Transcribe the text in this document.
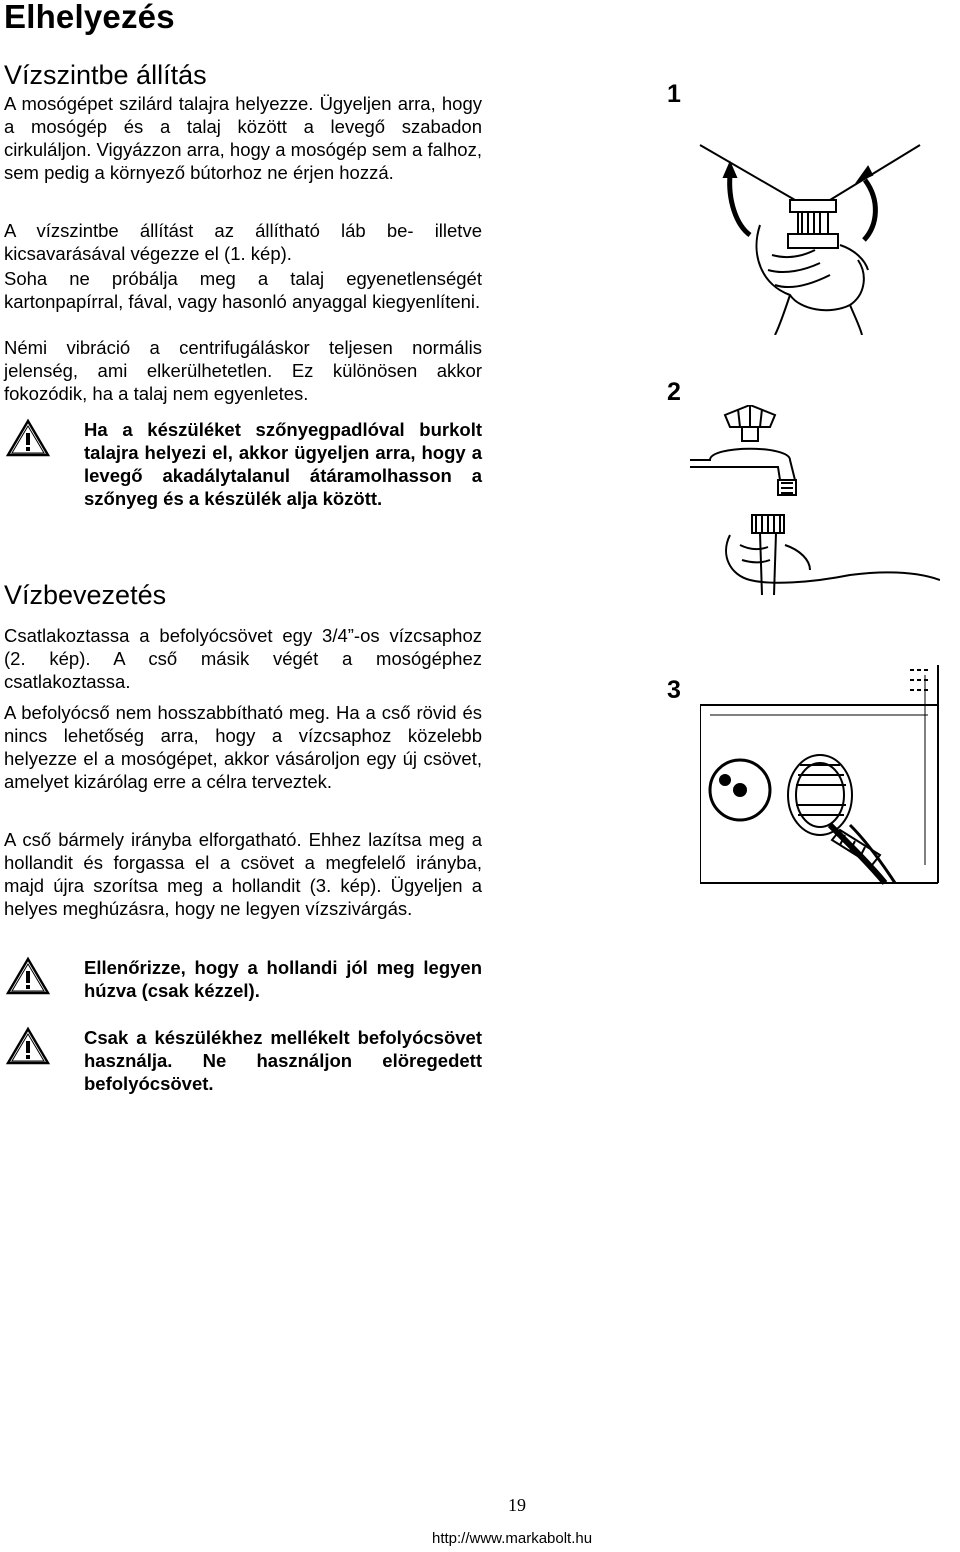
Elhelyezés
Vízszintbe állítás

A mosógépet szilárd talajra helyezze. Ügyeljen arra, hogy a mosógép és a talaj között a levegő szabadon cirkuláljon. Vigyázzon arra, hogy a mosógép sem a falhoz, sem pedig a környező bútorhoz ne érjen hozzá.

A vízszintbe állítást az állítható láb be- illetve kicsavarásával végezze el (1. kép).

Soha ne próbálja meg a talaj egyenetlenségét kartonpapírral, fával, vagy hasonló anyaggal kiegyenlíteni.

Némi vibráció a centrifugáláskor teljesen normális jelenség, ami elkerülhetetlen. Ez különösen akkor fokozódik, ha a talaj nem egyenletes.

Ha a készüléket szőnyegpadlóval burkolt talajra helyezi el, akkor ügyeljen arra, hogy a levegő akadálytalanul átáramolhasson a szőnyeg és a készülék alja között.

Vízbevezetés

Csatlakoztassa a befolyócsövet egy 3/4”-os vízcsaphoz (2. kép). A cső másik végét a mosógéphez csatlakoztassa.

A befolyócső nem hosszabbítható meg. Ha a cső rövid és nincs lehetőség arra, hogy a vízcsaphoz közelebb helyezze el a mosógépet, akkor vásároljon egy új csövet, amelyet kizárólag erre a célra terveztek.

A cső bármely irányba elforgatható. Ehhez lazítsa meg a hollandit és forgassa el a csövet a megfelelő irányba, majd újra szorítsa meg a hollandit (3. kép). Ügyeljen a helyes meghúzásra, hogy ne legyen vízszivárgás.

Ellenőrizze, hogy a hollandi jól meg legyen húzva (csak kézzel).

Csak a készülékhez mellékelt befolyócsövet használja. Ne használjon elöregedett befolyócsövet.

1
2
3
19
http://www.markabolt.hu
